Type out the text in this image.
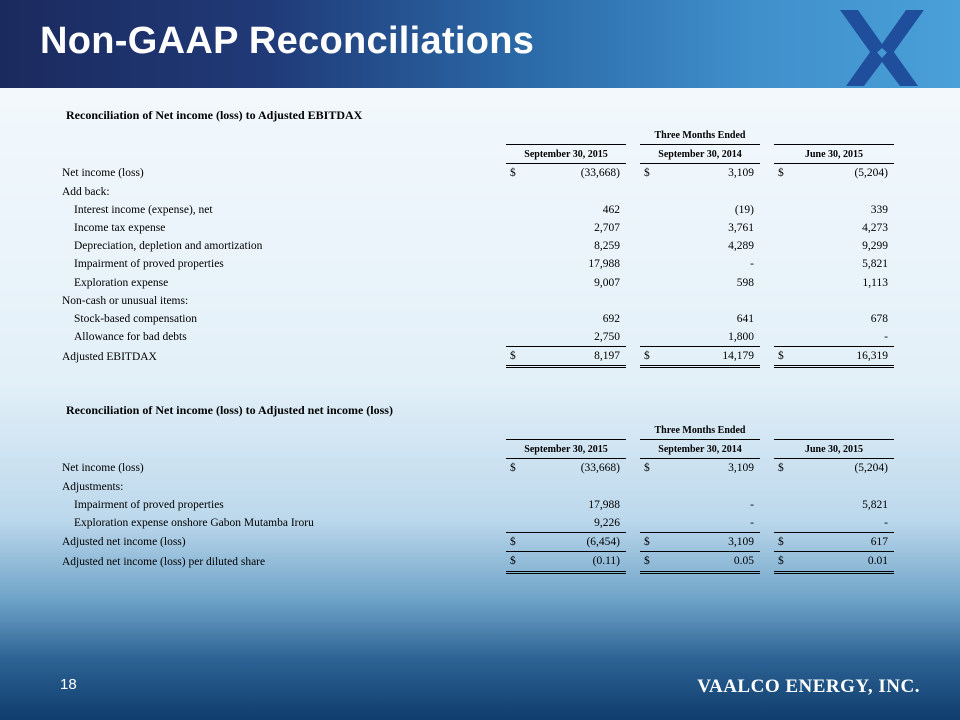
Non-GAAP Reconciliations
Reconciliation of Net income (loss) to Adjusted EBITDAX
	Three Months Ended					
	September 30, 2015		September 30, 2014		June 30, 2015	
Net income (loss)	$	(33,668)	$	3,109	$	(5,204)
Add back:						
Interest income (expense), net		462		(19)		339
Income tax expense		2,707		3,761		4,273
Depreciation, depletion and amortization		8,259		4,289		9,299
Impairment of proved properties		17,988		-		5,821
Exploration expense		9,007		598		1,113
Non-cash or unusual items:						
Stock-based compensation		692		641		678
Allowance for bad debts		2,750		1,800		-
Adjusted EBITDAX	$	8,197	$	14,179	$	16,319
Reconciliation of Net income (loss) to Adjusted net income (loss)
	Three Months Ended					
	September 30, 2015		September 30, 2014		June 30, 2015	
Net income (loss)	$	(33,668)	$	3,109	$	(5,204)
Adjustments:						
Impairment of proved properties		17,988		-		5,821
Exploration expense onshore Gabon Mutamba Iroru		9,226		-		-
Adjusted net income (loss)	$	(6,454)	$	3,109	$	617
Adjusted net income (loss) per diluted share	$	(0.11)	$	0.05	$	0.01
18	VAALCO ENERGY, INC.
